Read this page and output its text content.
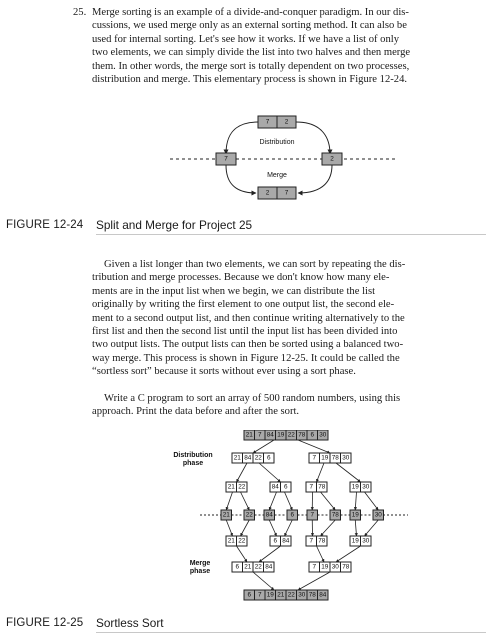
25. Merge sorting is an example of a divide-and-conquer paradigm. In our dis-
cussions, we used merge only as an external sorting method. It can also be
used for internal sorting. Let's see how it works. If we have a list of only
two elements, we can simply divide the list into two halves and then merge
them. In other words, the merge sort is totally dependent on two processes,
distribution and merge. This elementary process is shown in Figure 12-24.
7 2
Distribution
7	2
Merge
2 7
FIGURE 12-24 Split and Merge for Project 25
Given a list longer than two elements, we can sort by repeating the dis-
tribution and merge processes. Because we don't know how many ele-
ments are in the input list when we begin, we can distribute the list
originally by writing the first element to one output list, the second ele-
ment to a second output list, and then continue writing alternatively to the
first list and then the second list until the input list has been divided into
two output lists. The output lists can then be sorted using a balanced two-
way merge. This process is shown in Figure 12-25. It could be called the
“sortless sort” because it sorts without ever using a sort phase.
Write a C program to sort an array of 500 random numbers, using this
approach. Print the data before and after the sort.
21 7 84 19 22 78 6 30
21 84 22 6	7 19 78 30
21 22	84 6	7 78	19 30
21 22 84	6	7	78 19 30
21 22	6 84	7 78	19 30
6 21 22 84	7 19 30 78
6 7 19 21 22 30 78 84
Distribution
phase
Merge
phase
FIGURE 12-25 Sortless Sort
